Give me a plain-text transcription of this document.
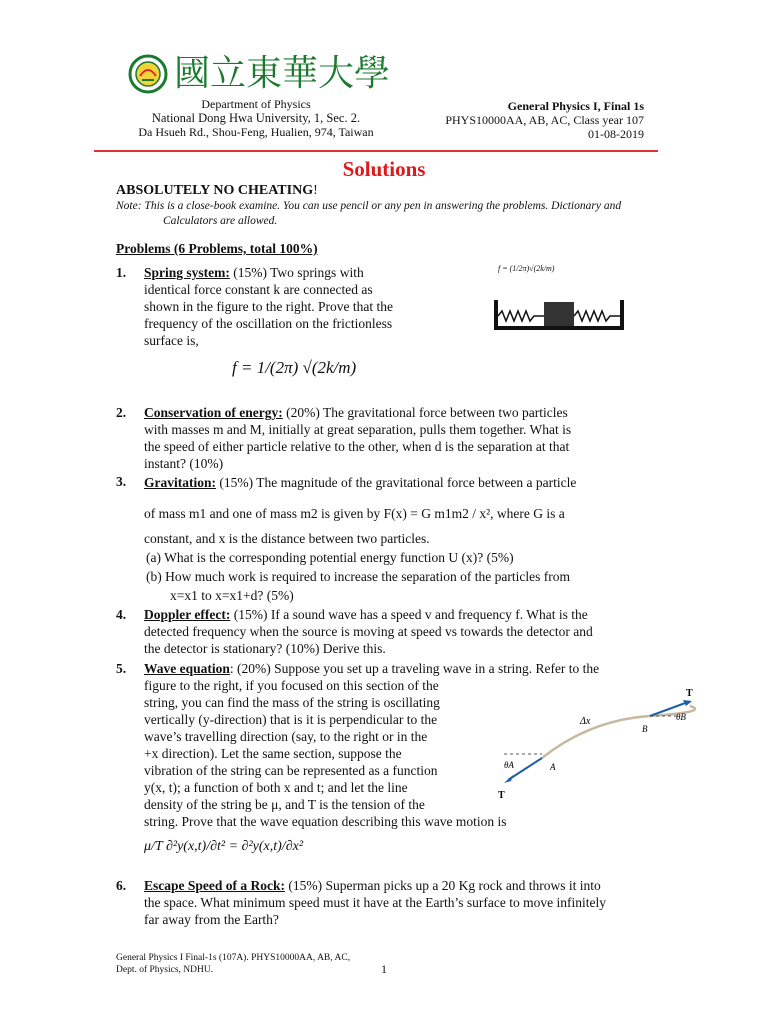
國立東華大學
Department of Physics
National Dong Hwa University, 1, Sec. 2.
Da Hsueh Rd., Shou-Feng, Hualien, 974, Taiwan
General Physics I, Final 1s
PHYS10000AA, AB, AC, Class year 107
01-08-2019
Solutions
ABSOLUTELY NO CHEATING!
Note: This is a close-book examine. You can use pencil or any pen in answering the problems. Dictionary and
Calculators are allowed.
Problems (6 Problems, total 100%)
1. Spring system: (15%) Two springs with
identical force constant k are connected as
shown in the figure to the right. Prove that the
frequency of the oscillation on the frictionless
surface is,
f = 1/(2π) √(2k/m)
f = (1/2π)√(2k/m)
2. Conservation of energy: (20%) The gravitational force between two particles
with masses m and M, initially at great separation, pulls them together. What is
the speed of either particle relative to the other, when d is the separation at that
instant? (10%)
3. Gravitation: (15%) The magnitude of the gravitational force between a particle
of mass m1 and one of mass m2 is given by F(x) = G m1m2 / x², where G is a
constant, and x is the distance between two particles.
(a) What is the corresponding potential energy function U (x)? (5%)
(b) How much work is required to increase the separation of the particles from
x=x1 to x=x1+d? (5%)
4. Doppler effect: (15%) If a sound wave has a speed v and frequency f. What is the
detected frequency when the source is moving at speed vs towards the detector and
the detector is stationary? (10%) Derive this.
5. Wave equation: (20%) Suppose you set up a traveling wave in a string. Refer to the
figure to the right, if you focused on this section of the
string, you can find the mass of the string is oscillating
vertically (y-direction) that is it is perpendicular to the
wave’s travelling direction (say, to the right or in the
+x direction). Let the same section, suppose the
vibration of the string can be represented as a function
y(x, t); a function of both x and t; and let the line
density of the string be μ, and T is the tension of the
string. Prove that the wave equation describing this wave motion is
μ/T ∂²y(x,t)/∂t² = ∂²y(x,t)/∂x²
T
T
Δx	θB
θA	A
B
6. Escape Speed of a Rock: (15%) Superman picks up a 20 Kg rock and throws it into
the space. What minimum speed must it have at the Earth’s surface to move infinitely
far away from the Earth?
General Physics I Final-1s (107A). PHYS10000AA, AB, AC,
Dept. of Physics, NDHU.	1
